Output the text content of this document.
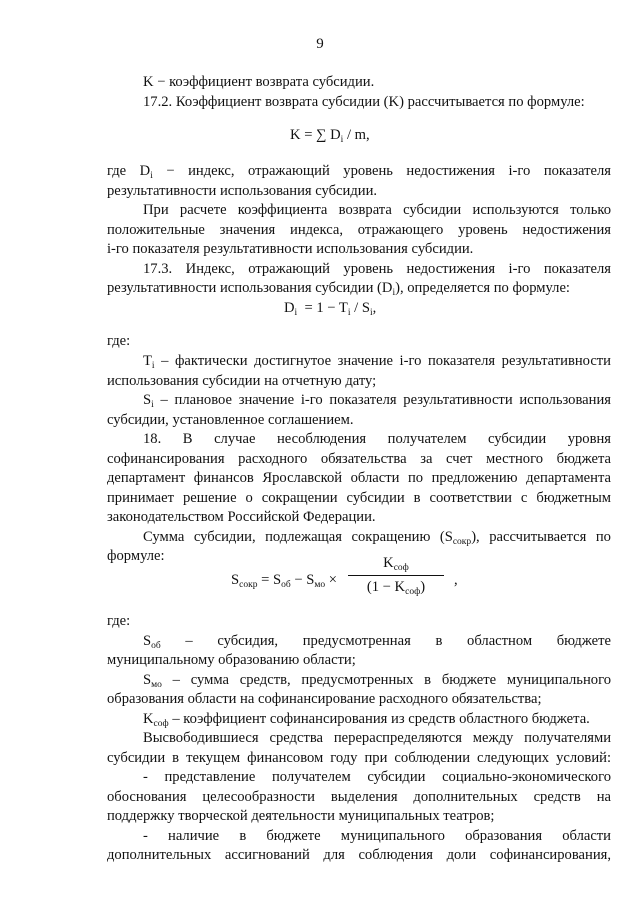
9
K − коэффициент возврата субсидии.
17.2. Коэффициент возврата субсидии (K) рассчитывается по формуле:
K = ∑ $D_i$ / m,
где $D_i$ − индекс, отражающий уровень недостижения i-го показателя
результативности использования субсидии.
При расчете коэффициента возврата субсидии используются только
положительные значения индекса, отражающего уровень недостижения
i-го показателя результативности использования субсидии.
17.3. Индекс, отражающий уровень недостижения i-го показателя
результативности использования субсидии $(D_i)$, определяется по формуле:
$D_i = 1 - T_i / S_i$,
где:
$T_i$ – фактически достигнутое значение i-го показателя результативности
использования субсидии на отчетную дату;
$S_i$ – плановое значение i-го показателя результативности использования
субсидии, установленное соглашением.
18. В случае несоблюдения получателем субсидии уровня
софинансирования расходного обязательства за счет местного бюджета
департамент финансов Ярославской области по предложению департамента
принимает решение о сокращении субсидии в соответствии с бюджетным
законодательством Российской Федерации.
Сумма субсидии, подлежащая сокращению $(S_{сокр})$, рассчитывается по
формуле:
$S_{сокр} = S_{об} - S_{мо}$ ×
$K_{соф}$
$(1 - K_{соф})$	,
где:
$S_{об}$ – субсидия, предусмотренная в областном бюджете
муниципальному образованию области;
$S_{мо}$ – сумма средств, предусмотренных в бюджете муниципального
образования области на софинансирование расходного обязательства;
$K_{соф}$ – коэффициент софинансирования из средств областного бюджета.
Высвободившиеся средства перераспределяются между получателями
субсидии в текущем финансовом году при соблюдении следующих условий:
- представление получателем субсидии социально-экономического
обоснования целесообразности выделения дополнительных средств на
поддержку творческой деятельности муниципальных театров;
- наличие в бюджете муниципального образования области
дополнительных ассигнований для соблюдения доли софинансирования,
